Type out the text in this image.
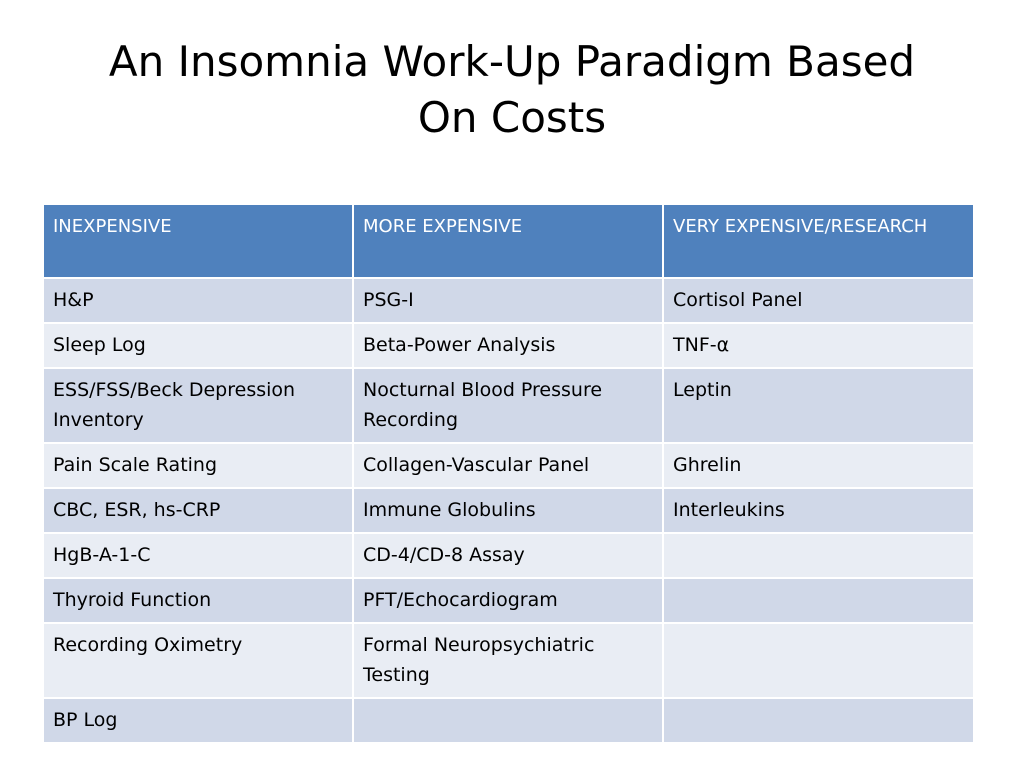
An Insomnia Work-Up Paradigm Based
On Costs
INEXPENSIVE	MORE EXPENSIVE	VERY EXPENSIVE/RESEARCH
H&P	PSG-I	Cortisol Panel
Sleep Log	Beta-Power Analysis	TNF-α
ESS/FSS/Beck Depression Inventory	Nocturnal Blood Pressure Recording	Leptin
Pain Scale Rating	Collagen-Vascular Panel	Ghrelin
CBC, ESR, hs-CRP	Immune Globulins	Interleukins
HgB-A-1-C	CD-4/CD-8 Assay	
Thyroid Function	PFT/Echocardiogram	
Recording Oximetry	Formal Neuropsychiatric Testing	
BP Log		
